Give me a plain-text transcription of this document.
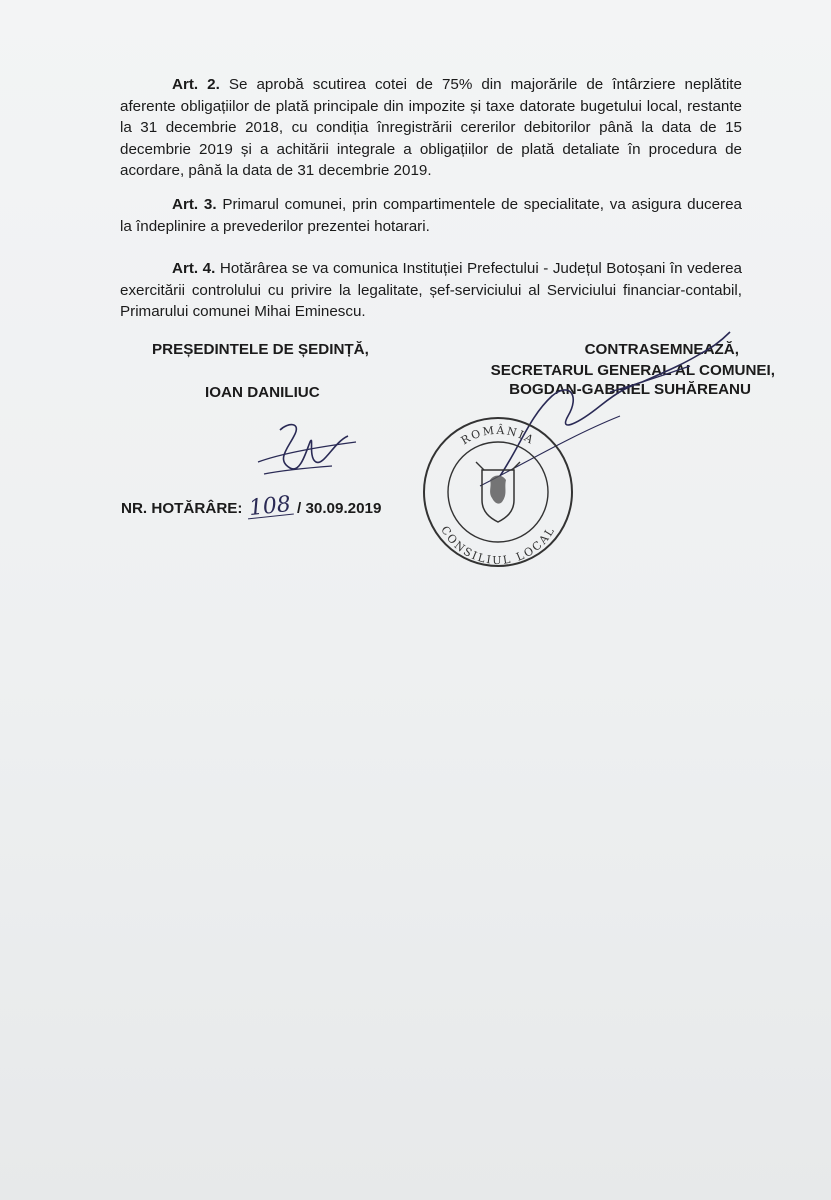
Art. 2. Se aprobă scutirea cotei de 75% din majorările de întârziere neplătite aferente obligațiilor de plată principale din impozite și taxe datorate bugetului local, restante la 31 decembrie 2018, cu condiția înregistrării cererilor debitorilor până la data de 15 decembrie 2019 și a achitării integrale a obligațiilor de plată detaliate în procedura de acordare, până la data de 31 decembrie 2019.
Art. 3. Primarul comunei, prin compartimentele de specialitate, va asigura ducerea la îndeplinire a prevederilor prezentei hotarari.
Art. 4. Hotărârea se va comunica Instituției Prefectului - Județul Botoșani în vederea exercitării controlului cu privire la legalitate, șef-serviciului al Serviciului financiar-contabil, Primarului comunei Mihai Eminescu.
PREȘEDINTELE DE ȘEDINȚĂ,
IOAN DANILIUC
CONTRASEMNEAZĂ,
SECRETARUL GENERAL AL COMUNEI,
BOGDAN-GABRIEL SUHĂREANU
ROMÂNIA
CONSILIUL LOCAL
NR. HOTĂRÂRE: 108 / 30.09.2019
